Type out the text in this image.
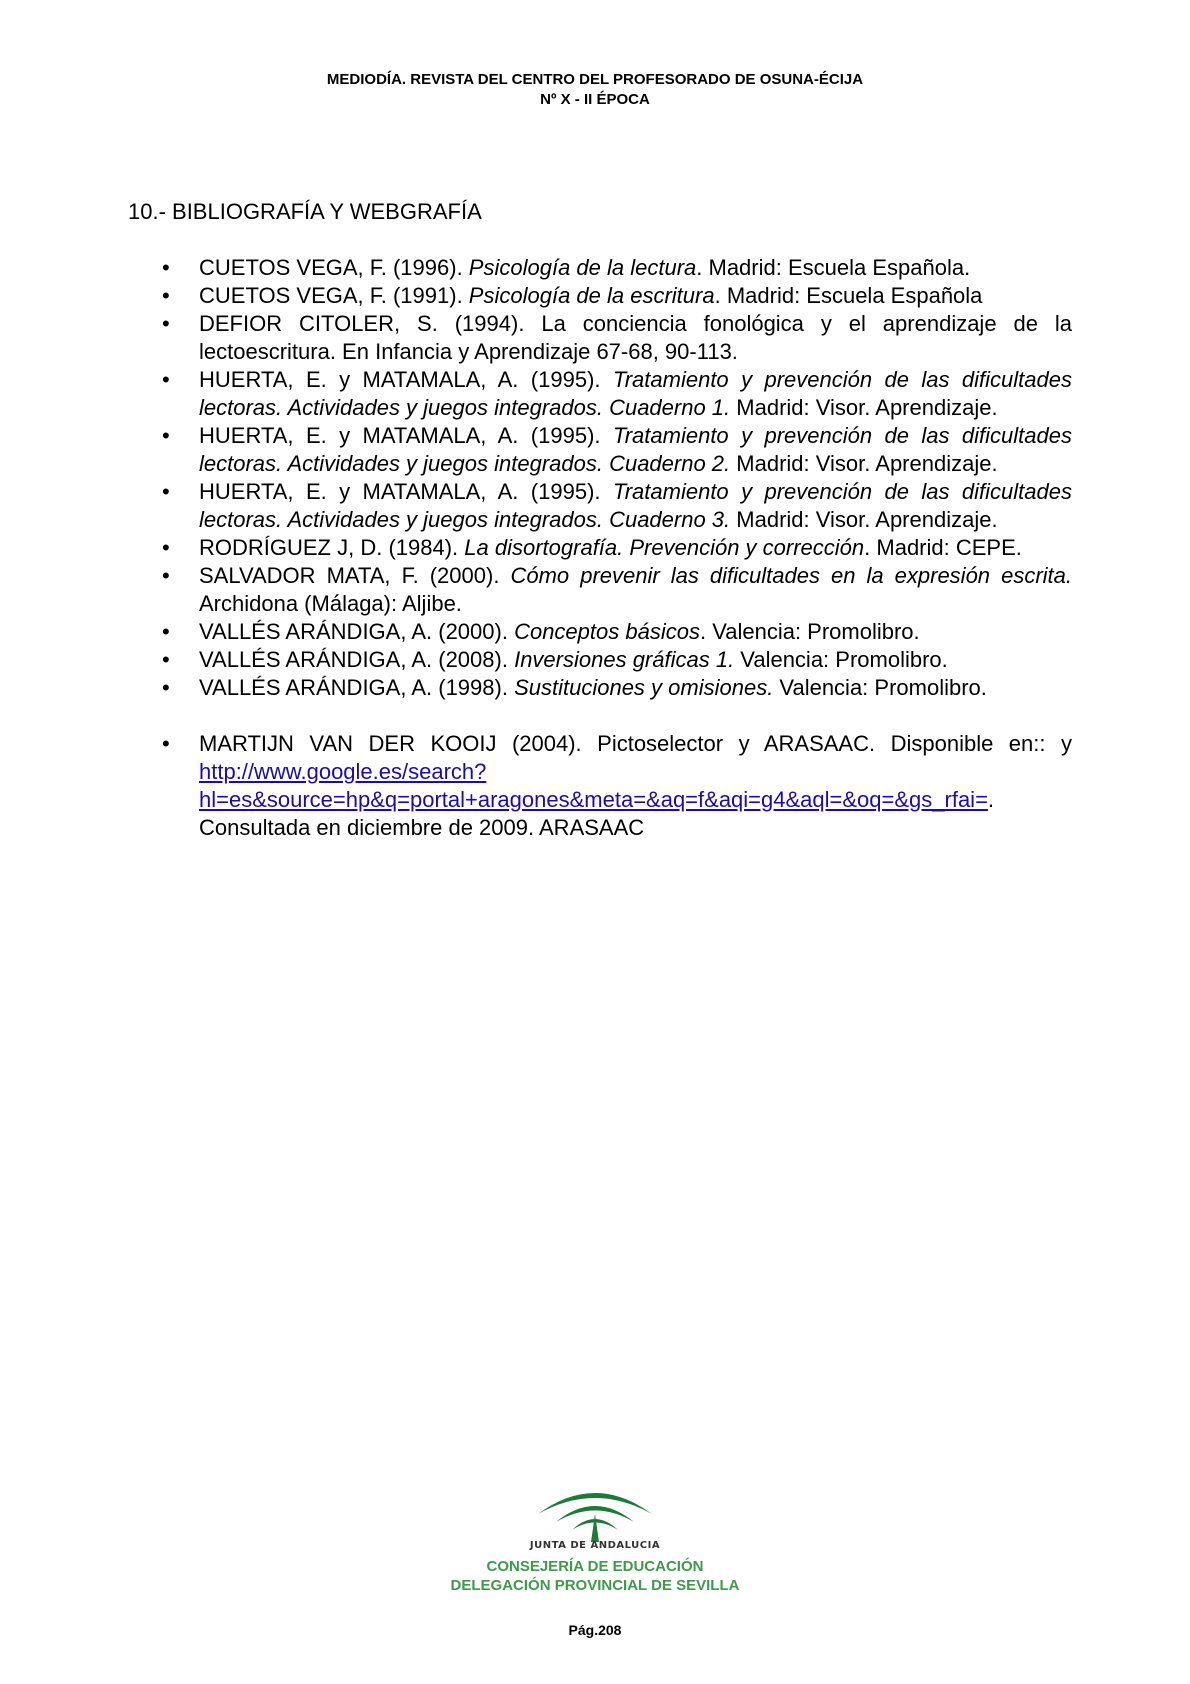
MEDIODÍA. REVISTA DEL CENTRO DEL PROFESORADO DE OSUNA-ÉCIJA
Nº X - II ÉPOCA
10.- BIBLIOGRAFÍA Y WEBGRAFÍA
• CUETOS VEGA, F. (1996). Psicología de la lectura. Madrid: Escuela Española.
• CUETOS VEGA, F. (1991). Psicología de la escritura. Madrid: Escuela Española
• DEFIOR CITOLER, S. (1994). La conciencia fonológica y el aprendizaje de la lectoescritura. En Infancia y Aprendizaje 67-68, 90-113.
• HUERTA, E. y MATAMALA, A. (1995). Tratamiento y prevención de las dificultades lectoras. Actividades y juegos integrados. Cuaderno 1. Madrid: Visor. Aprendizaje.
• HUERTA, E. y MATAMALA, A. (1995). Tratamiento y prevención de las dificultades lectoras. Actividades y juegos integrados. Cuaderno 2. Madrid: Visor. Aprendizaje.
• HUERTA, E. y MATAMALA, A. (1995). Tratamiento y prevención de las dificultades lectoras. Actividades y juegos integrados. Cuaderno 3. Madrid: Visor. Aprendizaje.
• RODRÍGUEZ J, D. (1984). La disortografía. Prevención y corrección. Madrid: CEPE.
• SALVADOR MATA, F. (2000). Cómo prevenir las dificultades en la expresión escrita. Archidona (Málaga): Aljibe.
• VALLÉS ARÁNDIGA, A. (2000). Conceptos básicos. Valencia: Promolibro.
• VALLÉS ARÁNDIGA, A. (2008). Inversiones gráficas 1. Valencia: Promolibro.
• VALLÉS ARÁNDIGA, A. (1998). Sustituciones y omisiones. Valencia: Promolibro.
• MARTIJN VAN DER KOOIJ (2004). Pictoselector y ARASAAC. Disponible en:: y http://www.google.es/search?hl=es&source=hp&q=portal+aragones&meta=&aq=f&aqi=g4&aql=&oq=&gs_rfai=. Consultada en diciembre de 2009. ARASAAC
JUNTA DE ANDALUCIA
CONSEJERÍA DE EDUCACIÓN
DELEGACIÓN PROVINCIAL DE SEVILLA
Pág.208
